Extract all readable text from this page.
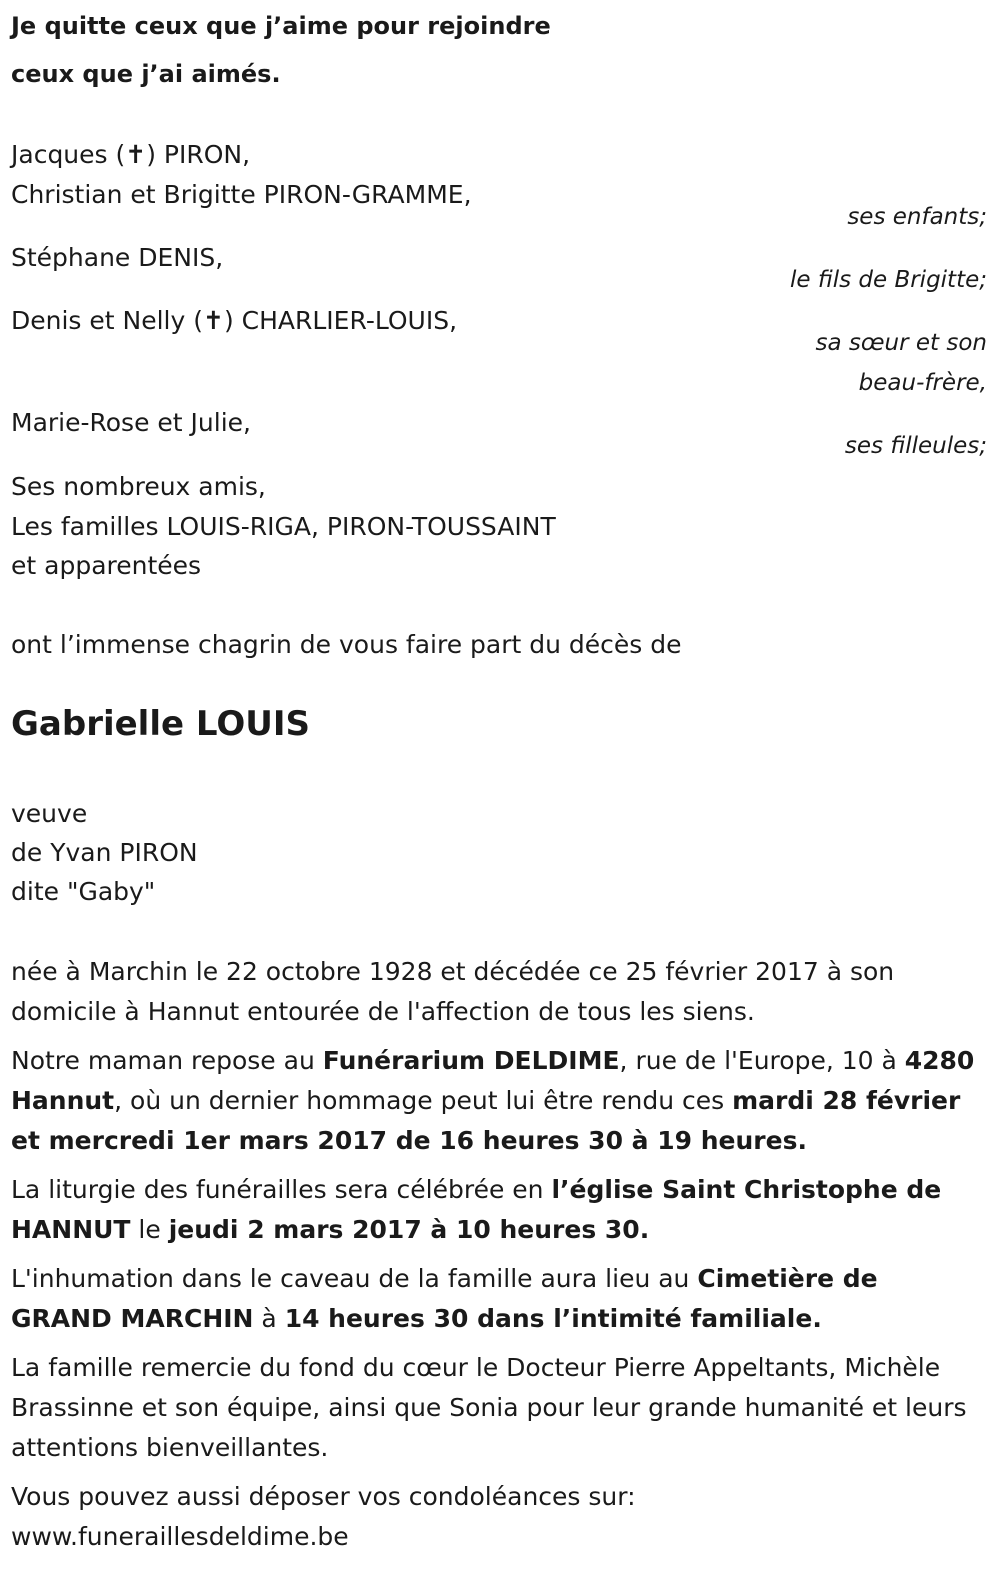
Je quitte ceux que j’aime pour rejoindre
ceux que j’ai aimés.
Jacques (✝) PIRON,
Christian et Brigitte PIRON-GRAMME,
ses enfants;
Stéphane DENIS,
le fils de Brigitte;
Denis et Nelly (✝) CHARLIER-LOUIS,
sa sœur et son
beau-frère,
Marie-Rose et Julie,
ses filleules;
Ses nombreux amis,
Les familles LOUIS-RIGA, PIRON-TOUSSAINT
et apparentées
ont l’immense chagrin de vous faire part du décès de
Gabrielle LOUIS
veuve
de Yvan PIRON
dite "Gaby"
née à Marchin le 22 octobre 1928 et décédée ce 25 février 2017 à son domicile à Hannut entourée de l'affection de tous les siens.
Notre maman repose au Funérarium DELDIME, rue de l'Europe, 10 à 4280 Hannut, où un dernier hommage peut lui être rendu ces mardi 28 février et mercredi 1er mars 2017 de 16 heures 30 à 19 heures.
La liturgie des funérailles sera célébrée en l’église Saint Christophe de HANNUT le jeudi 2 mars 2017 à 10 heures 30.
L'inhumation dans le caveau de la famille aura lieu au Cimetière de GRAND MARCHIN à 14 heures 30 dans l’intimité familiale.
La famille remercie du fond du cœur le Docteur Pierre Appeltants, Michèle Brassinne et son équipe, ainsi que Sonia pour leur grande humanité et leurs attentions bienveillantes.
Vous pouvez aussi déposer vos condoléances sur:
www.funeraillesdeldime.be
